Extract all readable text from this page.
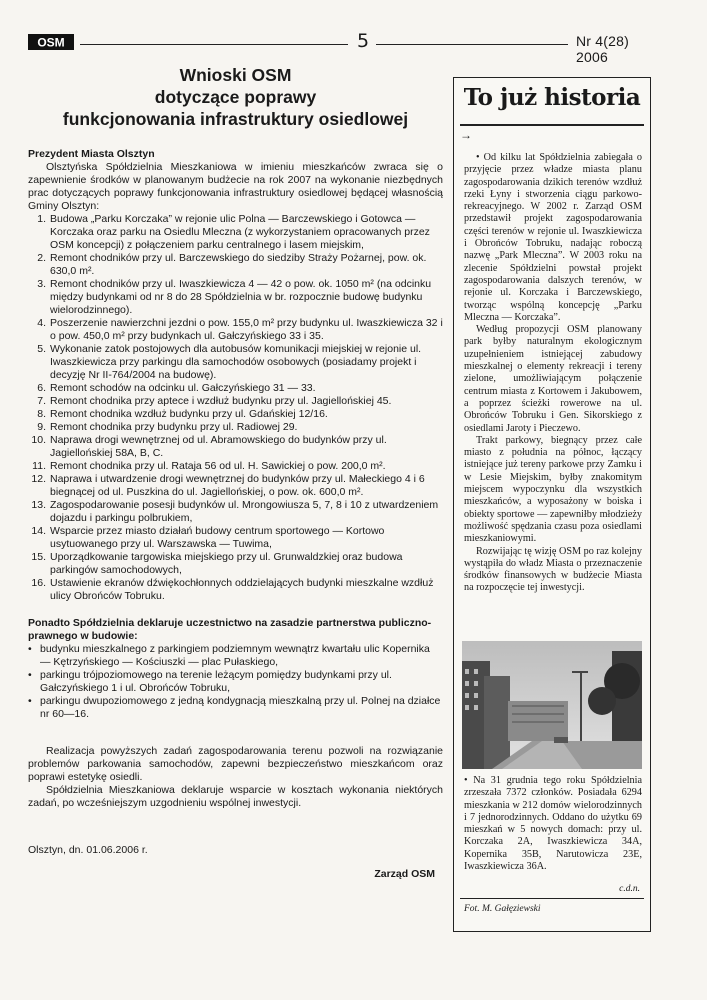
OSM	5	Nr 4(28) 2006
Wnioski OSM
dotyczące poprawy
funkcjonowania infrastruktury osiedlowej

Prezydent Miasta Olsztyn

Olsztyńska Spółdzielnia Mieszkaniowa w imieniu mieszkańców zwraca się o zapewnienie środków w planowanym budżecie na rok 2007 na wykonanie niezbędnych prac dotyczących poprawy funkcjonowania infrastruktury osiedlowej będącej własnością Gminy Olsztyn:

1. Budowa „Parku Korczaka” w rejonie ulic Polna — Barczewskiego i Gotowca — Korczaka oraz parku na Osiedlu Mleczna (z wykorzystaniem opracowanych przez OSM koncepcji) z połączeniem parku centralnego i lasem miejskim,
2. Remont chodników przy ul. Barczewskiego do siedziby Straży Pożarnej, pow. ok. 630,0 m².
3. Remont chodników przy ul. Iwaszkiewicza 4 — 42 o pow. ok. 1050 m² (na odcinku między budynkami od nr 8 do 28 Spółdzielnia w br. rozpocznie budowę budynku wielorodzinnego).
4. Poszerzenie nawierzchni jezdni o pow. 155,0 m² przy budynku ul. Iwaszkiewicza 32 i o pow. 450,0 m² przy budynkach ul. Gałczyńskiego 33 i 35.
5. Wykonanie zatok postojowych dla autobusów komunikacji miejskiej w rejonie ul. Iwaszkiewicza przy parkingu dla samochodów osobowych (posiadamy projekt i decyzję Nr II-764/2004 na budowę).
6. Remont schodów na odcinku ul. Gałczyńskiego 31 — 33.
7. Remont chodnika przy aptece i wzdłuż budynku przy ul. Jagiellońskiej 45.
8. Remont chodnika wzdłuż budynku przy ul. Gdańskiej 12/16.
9. Remont chodnika przy budynku przy ul. Radiowej 29.
10. Naprawa drogi wewnętrznej od ul. Abramowskiego do budynków przy ul. Jagiellońskiej 58A, B, C.
11. Remont chodnika przy ul. Rataja 56 od ul. H. Sawickiej o pow. 200,0 m².
12. Naprawa i utwardzenie drogi wewnętrznej do budynków przy ul. Małeckiego 4 i 6 biegnącej od ul. Puszkina do ul. Jagiellońskiej, o pow. ok. 600,0 m².
13. Zagospodarowanie posesji budynków ul. Mrongowiusza 5, 7, 8 i 10 z utwardzeniem dojazdu i parkingu polbrukiem,
14. Wsparcie przez miasto działań budowy centrum sportowego — Kortowo usytuowanego przy ul. Warszawska — Tuwima,
15. Uporządkowanie targowiska miejskiego przy ul. Grunwaldzkiej oraz budowa parkingów samochodowych,
16. Ustawienie ekranów dźwiękochłonnych oddzielających budynki mieszkalne wzdłuż ulicy Obrońców Tobruku.

Ponadto Spółdzielnia deklaruje uczestnictwo na zasadzie partnerstwa publiczno-prawnego w budowie:

• budynku mieszkalnego z parkingiem podziemnym wewnątrz kwartału ulic Kopernika — Kętrzyńskiego — Kościuszki — plac Pułaskiego,
• parkingu trójpoziomowego na terenie leżącym pomiędzy budynkami przy ul. Gałczyńskiego 1 i ul. Obrońców Tobruku,
• parkingu dwupoziomowego z jedną kondygnacją mieszkalną przy ul. Polnej na działce nr 60—16.

Realizacja powyższych zadań zagospodarowania terenu pozwoli na rozwiązanie problemów parkowania samochodów, zapewni bezpieczeństwo mieszkańcom oraz poprawi estetykę osiedli.

Spółdzielnia Mieszkaniowa deklaruje wsparcie w kosztach wykonania niektórych zadań, po wcześniejszym uzgodnieniu wspólnej inwestycji.

Olsztyn, dn. 01.06.2006 r.
Zarząd OSM
To już historia
→

• Od kilku lat Spółdzielnia zabiegała o przyjęcie przez władze miasta planu zagospodarowania dzikich terenów wzdłuż rzeki Łyny i stworzenia ciągu parkowo-rekreacyjnego. W 2002 r. Zarząd OSM przedstawił projekt zagospodarowania części terenów w rejonie ul. Iwaszkiewicza i Obrońców Tobruku, nadając roboczą nazwę „Park Mleczna”. W 2003 roku na zlecenie Spółdzielni powstał projekt zagospodarowania dalszych terenów, w rejonie ul. Korczaka i Barczewskiego, tworząc wspólną koncepcję „Parku Mleczna — Korczaka”.

Według propozycji OSM planowany park byłby naturalnym ekologicznym uzupełnieniem istniejącej zabudowy mieszkalnej o elementy rekreacji i tereny zielone, umożliwiającym połączenie centrum miasta z Kortowem i Jakubowem, a poprzez ścieżki rowerowe na ul. Obrońców Tobruku i Gen. Sikorskiego z osiedlami Jaroty i Pieczewo.

Trakt parkowy, biegnący przez całe miasto z południa na północ, łączący istniejące już tereny parkowe przy Zamku i w Lesie Miejskim, byłby znakomitym miejscem wypoczynku dla wszystkich mieszkańców, a wyposażony w boiska i obiekty sportowe — zapewniłby młodzieży możliwość spędzania czasu poza osiedlami mieszkaniowymi.

Rozwijając tę wizję OSM po raz kolejny wystąpiła do władz Miasta o przeznaczenie środków finansowych w budżecie Miasta na rozpoczęcie tej inwestycji.

• Na 31 grudnia tego roku Spółdzielnia zrzeszała 7372 członków. Posiadała 6294 mieszkania w 212 domów wielorodzinnych i 7 jednorodzinnych. Oddano do użytku 69 mieszkań w 5 nowych domach: przy ul. Korczaka 2A, Iwaszkiewicza 34A, Kopernika 35B, Narutowicza 23E, Iwaszkiewicza 36A.

c.d.n.
Fot. M. Gałęziewski
